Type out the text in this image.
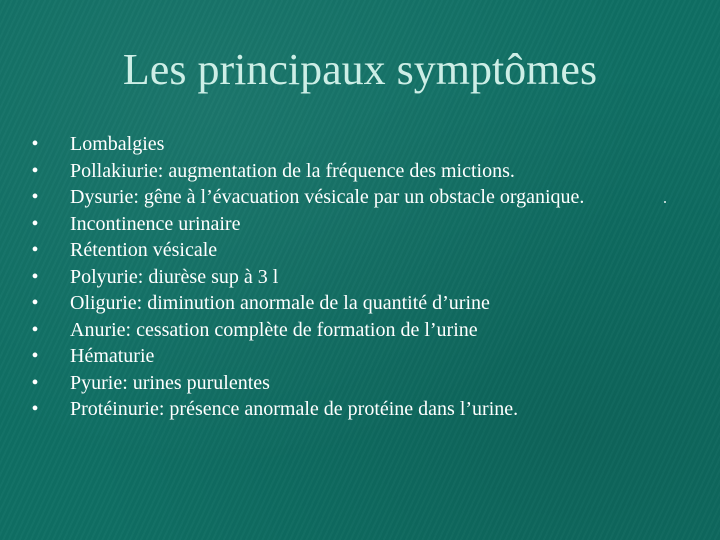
Les principaux symptômes
• Lombalgies
• Pollakiurie: augmentation de la fréquence des mictions.
• Dysurie: gêne à l’évacuation vésicale par un obstacle organique.
• Incontinence urinaire
• Rétention vésicale
• Polyurie: diurèse sup à 3 l
• Oligurie: diminution anormale de la quantité d’urine
• Anurie: cessation complète de formation de l’urine
• Hématurie
• Pyurie: urines purulentes
• Protéinurie: présence anormale de protéine dans l’urine.
